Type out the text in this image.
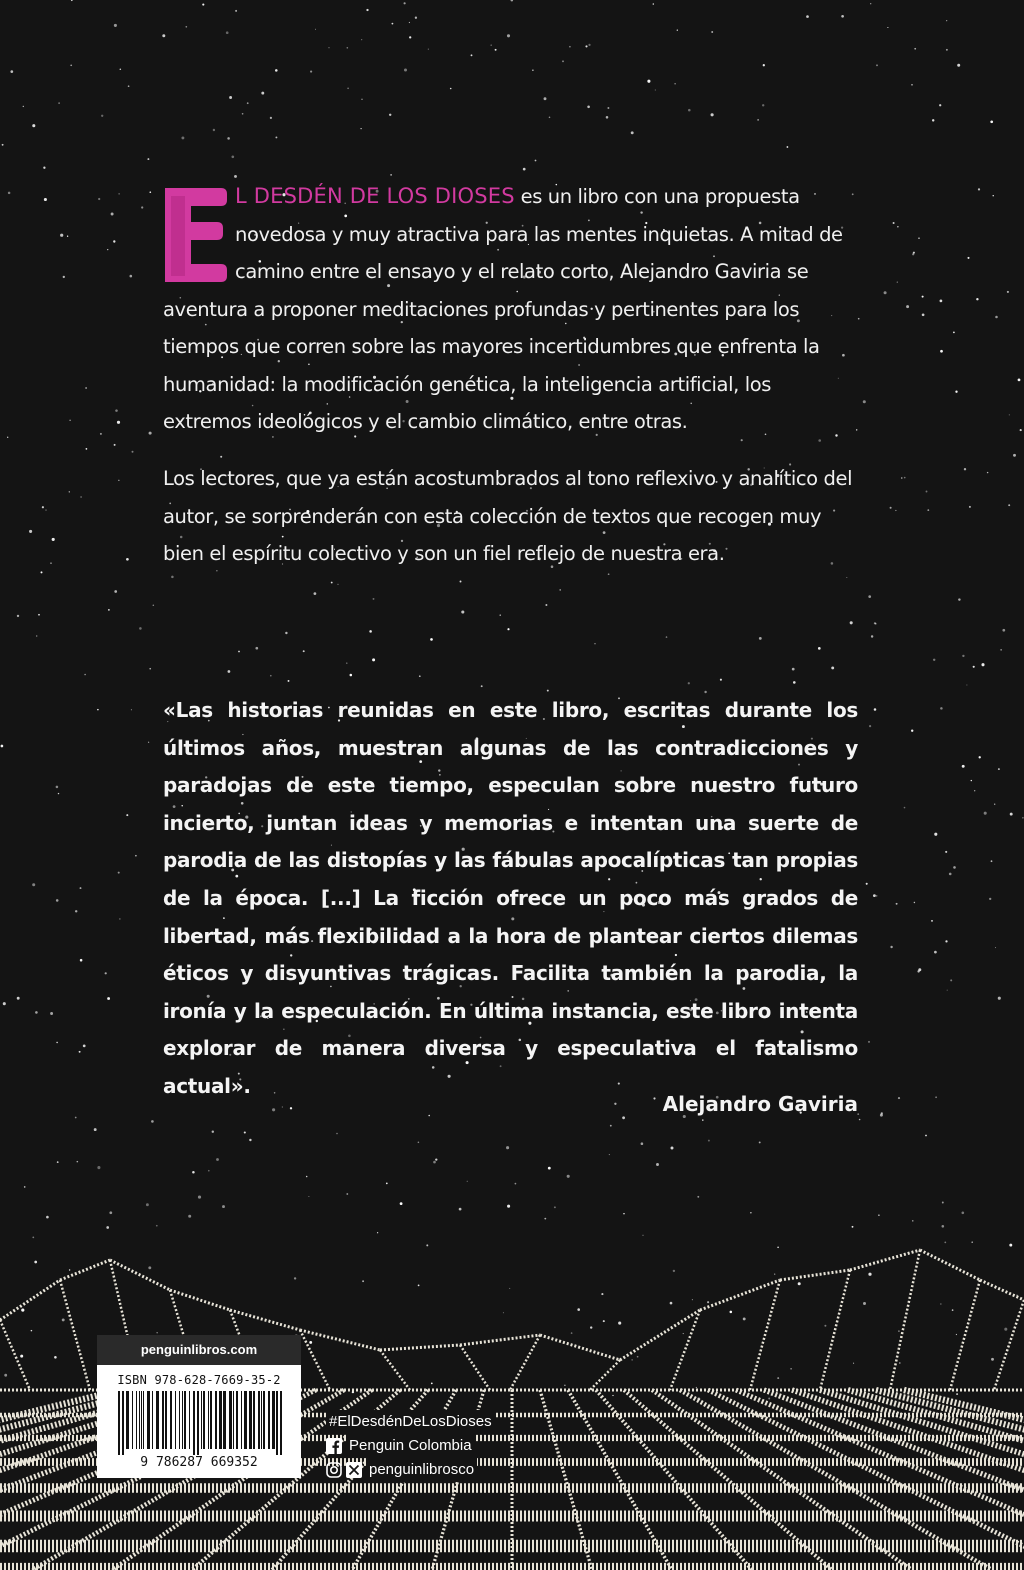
L DESDÉN DE LOS DIOSES es un libro con una propuesta novedosa y muy atractiva para las mentes inquietas. A mitad de camino entre el ensayo y el relato corto, Alejandro Gaviria se aventura a proponer meditaciones profundas y pertinentes para los tiempos que corren sobre las mayores incertidumbres que enfrenta la humanidad: la modificación genética, la inteligencia artificial, los extremos ideológicos y el cambio climático, entre otras.
Los lectores, que ya están acostumbrados al tono reflexivo y analítico del autor, se sorprenderán con esta colección de textos que recogen muy bien el espíritu colectivo y son un fiel reflejo de nuestra era.
«Las historias reunidas en este libro, escritas durante los últimos años, muestran algunas de las contradicciones y paradojas de este tiempo, especulan sobre nuestro futuro incierto, juntan ideas y memorias e intentan una suerte de parodia de las distopías y las fábulas apocalípticas tan propias de la época. [...] La ficción ofrece un poco más grados de libertad, más flexibilidad a la hora de plantear ciertos dilemas éticos y disyuntivas trágicas. Facilita también la parodia, la ironía y la especulación. En última instancia, este libro intenta explorar de manera diversa y especulativa el fatalismo actual».
Alejandro Gaviria
penguinlibros.com
ISBN 978-628-7669-35-2
9 786287 669352
#ElDesdénDeLosDioses
Penguin Colombia
penguinlibrosco
